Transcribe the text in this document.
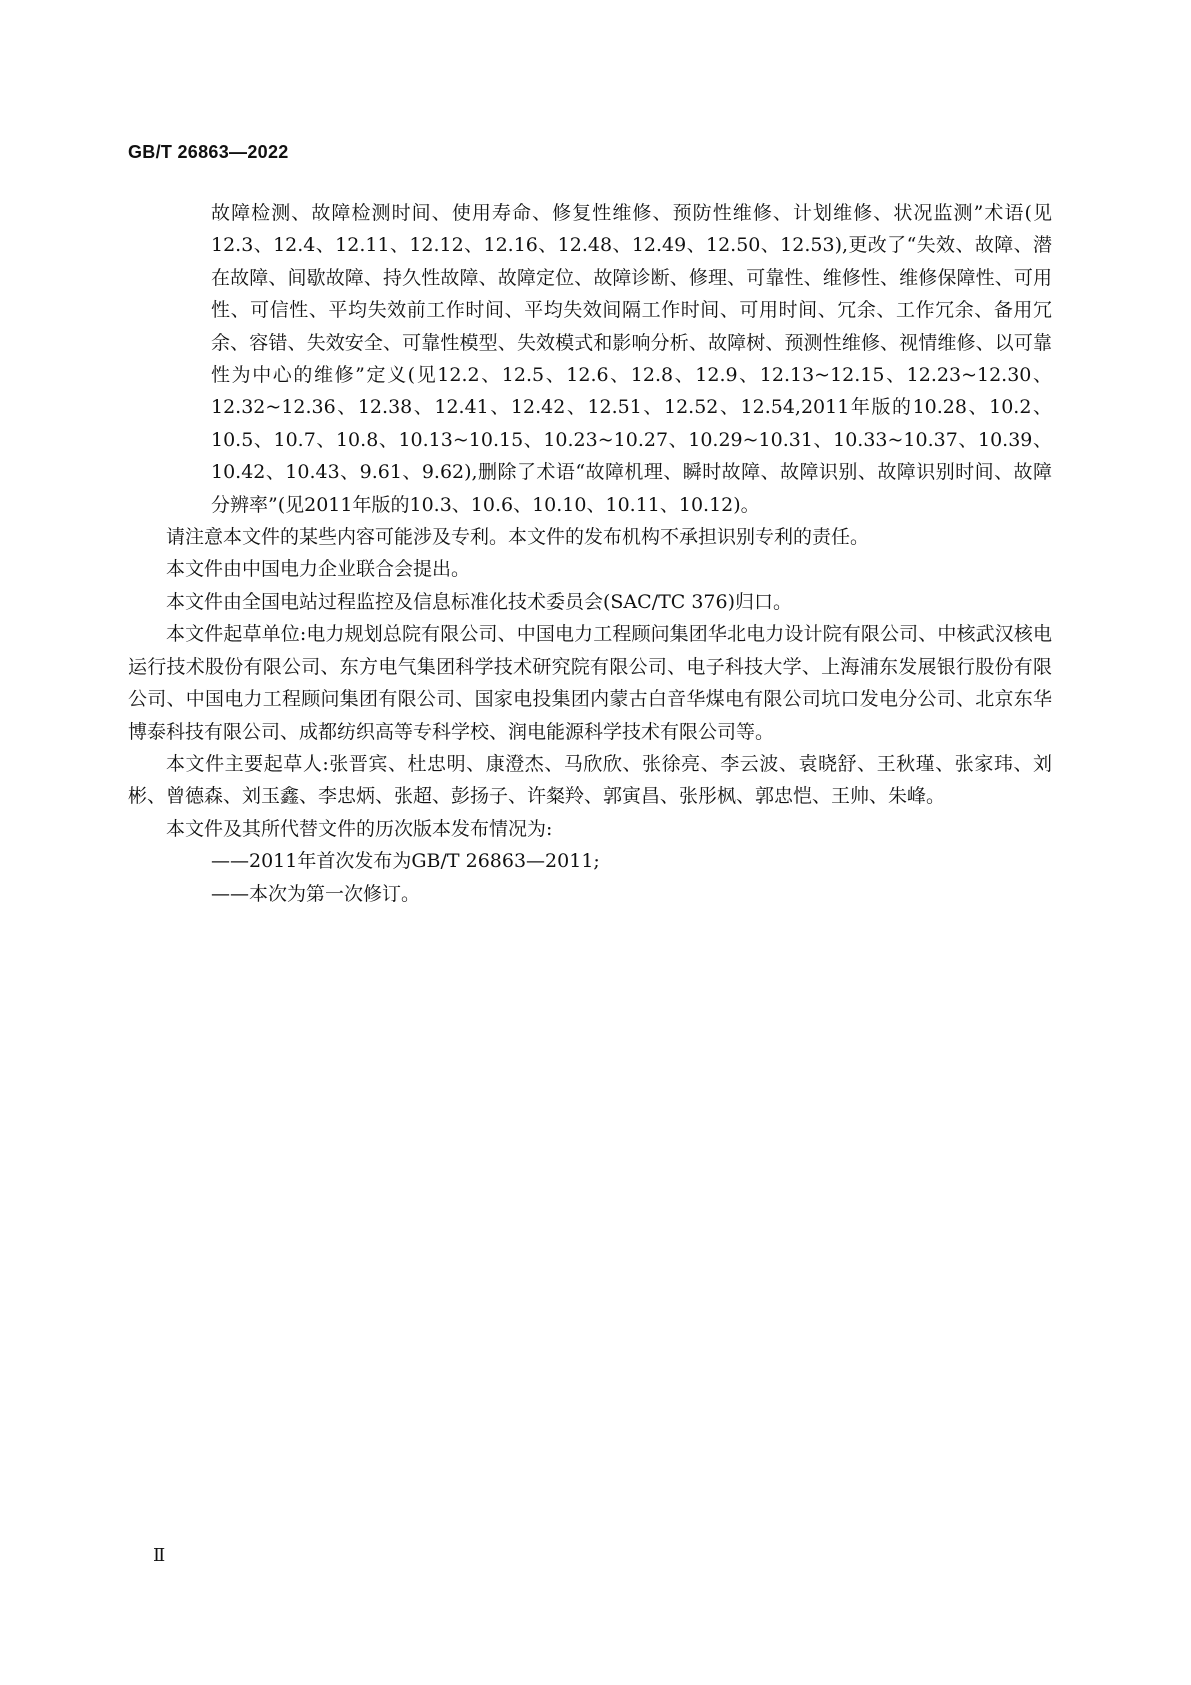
GB/T 26863—2022

故障检测、故障检测时间、使用寿命、修复性维修、预防性维修、计划维修、状况监测”术语(见12.3、12.4、12.11、12.12、12.16、12.48、12.49、12.50、12.53),更改了“失效、故障、潜在故障、间歇故障、持久性故障、故障定位、故障诊断、修理、可靠性、维修性、维修保障性、可用性、可信性、平均失效前工作时间、平均失效间隔工作时间、可用时间、冗余、工作冗余、备用冗余、容错、失效安全、可靠性模型、失效模式和影响分析、故障树、预测性维修、视情维修、以可靠性为中心的维修”定义(见12.2、12.5、12.6、12.8、12.9、12.13~12.15、12.23~12.30、12.32~12.36、12.38、12.41、12.42、12.51、12.52、12.54,2011年版的10.28、10.2、10.5、10.7、10.8、10.13~10.15、10.23~10.27、10.29~10.31、10.33~10.37、10.39、10.42、10.43、9.61、9.62),删除了术语“故障机理、瞬时故障、故障识别、故障识别时间、故障分辨率”(见2011年版的10.3、10.6、10.10、10.11、10.12)。

请注意本文件的某些内容可能涉及专利。本文件的发布机构不承担识别专利的责任。

本文件由中国电力企业联合会提出。

本文件由全国电站过程监控及信息标准化技术委员会(SAC/TC 376)归口。

本文件起草单位:电力规划总院有限公司、中国电力工程顾问集团华北电力设计院有限公司、中核武汉核电运行技术股份有限公司、东方电气集团科学技术研究院有限公司、电子科技大学、上海浦东发展银行股份有限公司、中国电力工程顾问集团有限公司、国家电投集团内蒙古白音华煤电有限公司坑口发电分公司、北京东华博泰科技有限公司、成都纺织高等专科学校、润电能源科学技术有限公司等。

本文件主要起草人:张晋宾、杜忠明、康澄杰、马欣欣、张徐亮、李云波、袁晓舒、王秋瑾、张家玮、刘彬、曾德森、刘玉鑫、李忠炳、张超、彭扬子、许粲羚、郭寅昌、张彤枫、郭忠恺、王帅、朱峰。

本文件及其所代替文件的历次版本发布情况为:

——2011年首次发布为GB/T 26863—2011;

——本次为第一次修订。

Ⅱ
